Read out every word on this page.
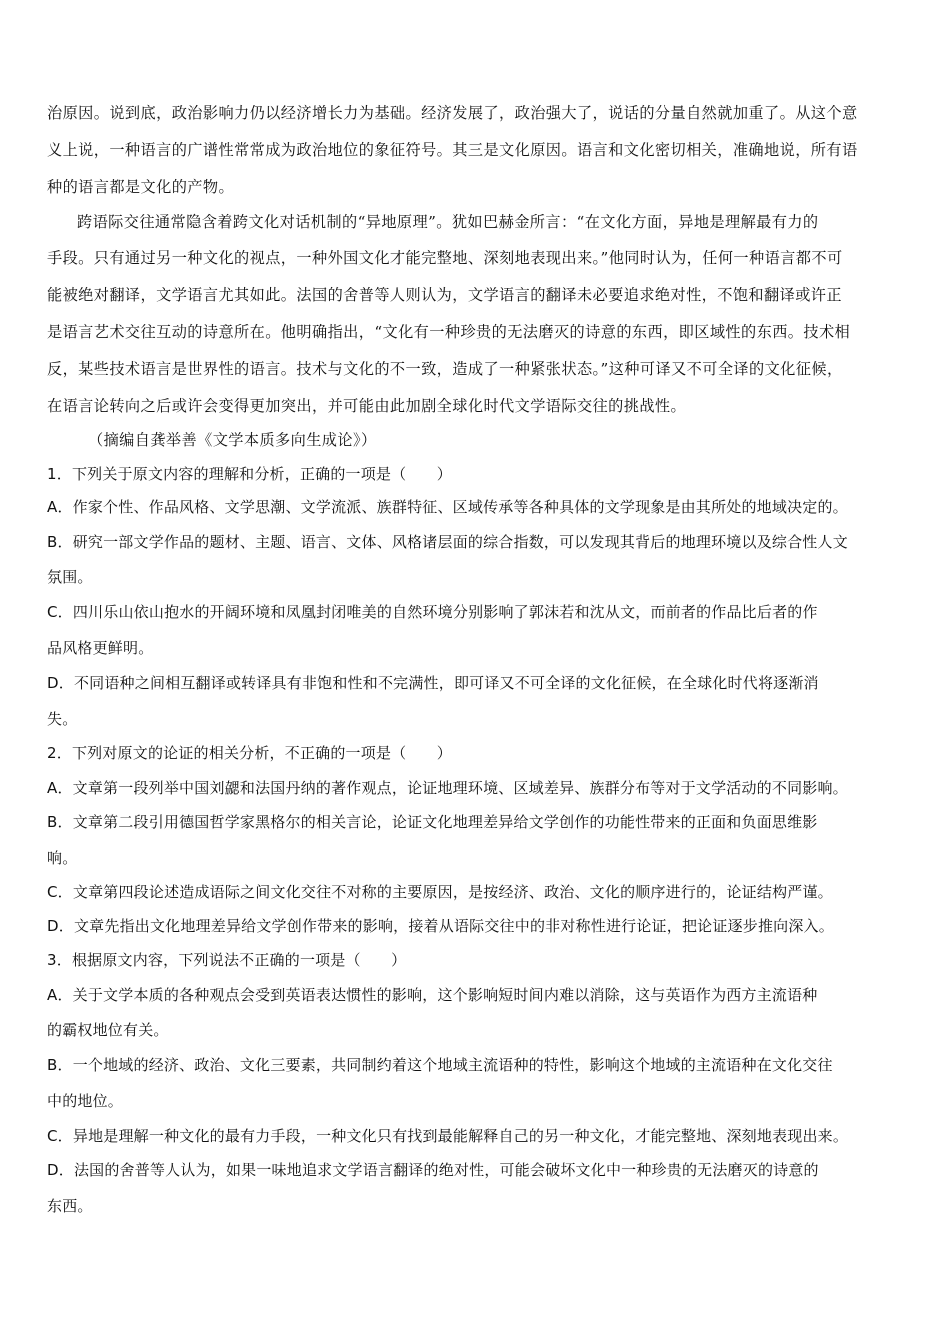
治原因。说到底，政治影响力仍以经济增长力为基础。经济发展了，政治强大了，说话的分量自然就加重了。从这个意
义上说，一种语言的广谱性常常成为政治地位的象征符号。其三是文化原因。语言和文化密切相关，准确地说，所有语
种的语言都是文化的产物。
跨语际交往通常隐含着跨文化对话机制的“异地原理”。犹如巴赫金所言：“在文化方面，异地是理解最有力的
手段。只有通过另一种文化的视点，一种外国文化才能完整地、深刻地表现出来。”他同时认为，任何一种语言都不可
能被绝对翻译，文学语言尤其如此。法国的舍普等人则认为，文学语言的翻译未必要追求绝对性，不饱和翻译或许正
是语言艺术交往互动的诗意所在。他明确指出，“文化有一种珍贵的无法磨灭的诗意的东西，即区域性的东西。技术相
反，某些技术语言是世界性的语言。技术与文化的不一致，造成了一种紧张状态。”这种可译又不可全译的文化征候，
在语言论转向之后或许会变得更加突出，并可能由此加剧全球化时代文学语际交往的挑战性。
（摘编自龚举善《文学本质多向生成论》）
1．下列关于原文内容的理解和分析，正确的一项是（　　）
A．作家个性、作品风格、文学思潮、文学流派、族群特征、区域传承等各种具体的文学现象是由其所处的地域决定的。
B．研究一部文学作品的题材、主题、语言、文体、风格诸层面的综合指数，可以发现其背后的地理环境以及综合性人文
氛围。
C．四川乐山依山抱水的开阔环境和凤凰封闭唯美的自然环境分别影响了郭沫若和沈从文，而前者的作品比后者的作
品风格更鲜明。
D．不同语种之间相互翻译或转译具有非饱和性和不完满性，即可译又不可全译的文化征候，在全球化时代将逐渐消
失。
2．下列对原文的论证的相关分析，不正确的一项是（　　）
A．文章第一段列举中国刘勰和法国丹纳的著作观点，论证地理环境、区域差异、族群分布等对于文学活动的不同影响。
B．文章第二段引用德国哲学家黑格尔的相关言论，论证文化地理差异给文学创作的功能性带来的正面和负面思维影
响。
C．文章第四段论述造成语际之间文化交往不对称的主要原因，是按经济、政治、文化的顺序进行的，论证结构严谨。
D．文章先指出文化地理差异给文学创作带来的影响，接着从语际交往中的非对称性进行论证，把论证逐步推向深入。
3．根据原文内容，下列说法不正确的一项是（　　）
A．关于文学本质的各种观点会受到英语表达惯性的影响，这个影响短时间内难以消除，这与英语作为西方主流语种
的霸权地位有关。
B．一个地域的经济、政治、文化三要素，共同制约着这个地域主流语种的特性，影响这个地域的主流语种在文化交往
中的地位。
C．异地是理解一种文化的最有力手段，一种文化只有找到最能解释自己的另一种文化，才能完整地、深刻地表现出来。
D．法国的舍普等人认为，如果一味地追求文学语言翻译的绝对性，可能会破坏文化中一种珍贵的无法磨灭的诗意的
东西。
